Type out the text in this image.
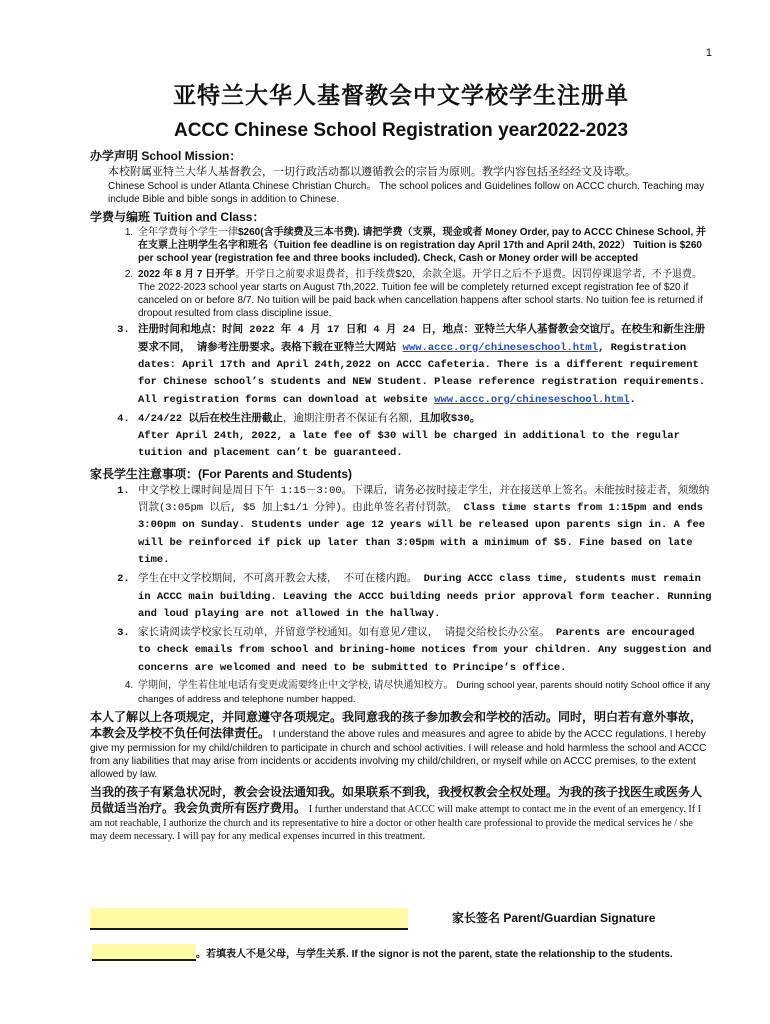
1
亚特兰大华人基督教会中文学校学生注册单
ACCC Chinese School Registration year2022-2023
办学声明 School Mission：
本校附属亚特兰大华人基督教会，一切行政活动都以遵循教会的宗旨为原则。教学内容包括圣经经文及诗歌。
Chinese School is under Atlanta Chinese Christian Church。 The school polices and Guidelines follow on ACCC church. Teaching may include Bible and bible songs in addition to Chinese.
学费与编班 Tuition and Class：
1. 全年学费每个学生一律$260(含手续费及三本书费). 请把学费（支票，现金或者 Money Order, pay to ACCC Chinese School, 并在支票上注明学生名字和班名（Tuition fee deadline is on registration day April 17th and April 24th, 2022） Tuition is $260 per school year (registration fee and three books included). Check, Cash or Money order will be accepted
2. 2022 年 8 月 7 日开学。开学日之前要求退费者，扣手续费$20，余款全退。开学日之后不予退费。因罚停课退学者，不予退费。 The 2022-2023 school year starts on August 7th,2022. Tuition fee will be completely returned except registration fee of $20 if canceled on or before 8/7. No tuition will be paid back when cancellation happens after school starts. No tuition fee is returned if dropout resulted from class discipline issue.
3. 注册时间和地点：时间 2022 年 4 月 17 日和 4 月 24 日，地点：亚特兰大华人基督教会交谊厅。在校生和新生注册要求不同， 请参考注册要求。表格下载在亚特兰大网站 www.accc.org/chineseschool.html, Registration dates: April 17th and April 24th,2022 on ACCC Cafeteria. There is a different requirement for Chinese school’s students and NEW Student. Please reference registration requirements. All registration forms can download at website www.accc.org/chineseschool.html.
4. 4/24/22 以后在校生注册截止，逾期注册者不保证有名额，且加收$30。
After April 24th, 2022, a late fee of $30 will be charged in additional to the regular tuition and placement can’t be guaranteed.
家長学生注意事项：(For Parents and Students)
1. 中文学校上课时间是周日下午 1:15－3:00。下课后，请务必按时接走学生，并在接送单上签名。未能按时接走者，须缴纳罚款(3:05pm 以后, $5 加上$1/1 分钟)。由此单签名者付罚款。 Class time starts from 1:15pm and ends 3:00pm on Sunday. Students under age 12 years will be released upon parents sign in. A fee will be reinforced if pick up later than 3:05pm with a minimum of $5. Fine based on late time.
2. 学生在中文学校期间，不可离开教会大楼， 不可在楼内跑。 During ACCC class time, students must remain in ACCC main building. Leaving the ACCC building needs prior approval form teacher. Running and loud playing are not allowed in the hallway.
3. 家长请阅读学校家长互动单，并留意学校通知。如有意见/建议， 请提交给校长办公室。 Parents are encouraged to check emails from school and brining-home notices from your children. Any suggestion and concerns are welcomed and need to be submitted to Principe’s office.
4. 学期间，学生若住址电话有变更或需要终止中文学校, 请尽快通知校方。 During school year, parents should notify School office if any changes of address and telephone number happed.
本人了解以上各项规定，并同意遵守各项规定。我同意我的孩子参加教会和学校的活动。同时，明白若有意外事故，本教会及学校不负任何法律责任。 I understand the above rules and measures and agree to abide by the ACCC regulations. I hereby give my permission for my child/children to participate in church and school activities. I will release and hold harmless the school and ACCC from any liabilities that may arise from incidents or accidents involving my child/children, or myself while on ACCC premises, to the extent allowed by law.
当我的孩子有紧急状况时，教会会设法通知我。如果联系不到我，我授权教会全权处理。为我的孩子找医生或医务人员做适当治疗。我会负责所有医疗费用。 I further understand that ACCC will make attempt to contact me in the event of an emergency. If I am not reachable, I authorize the church and its representative to hire a doctor or other health care professional to provide the medical services he / she may deem necessary. I will pay for any medical expenses incurred in this treatment.
家长签名 Parent/Guardian Signature
。若填表人不是父母，与学生关系. If the signor is not the parent, state the relationship to the students.
